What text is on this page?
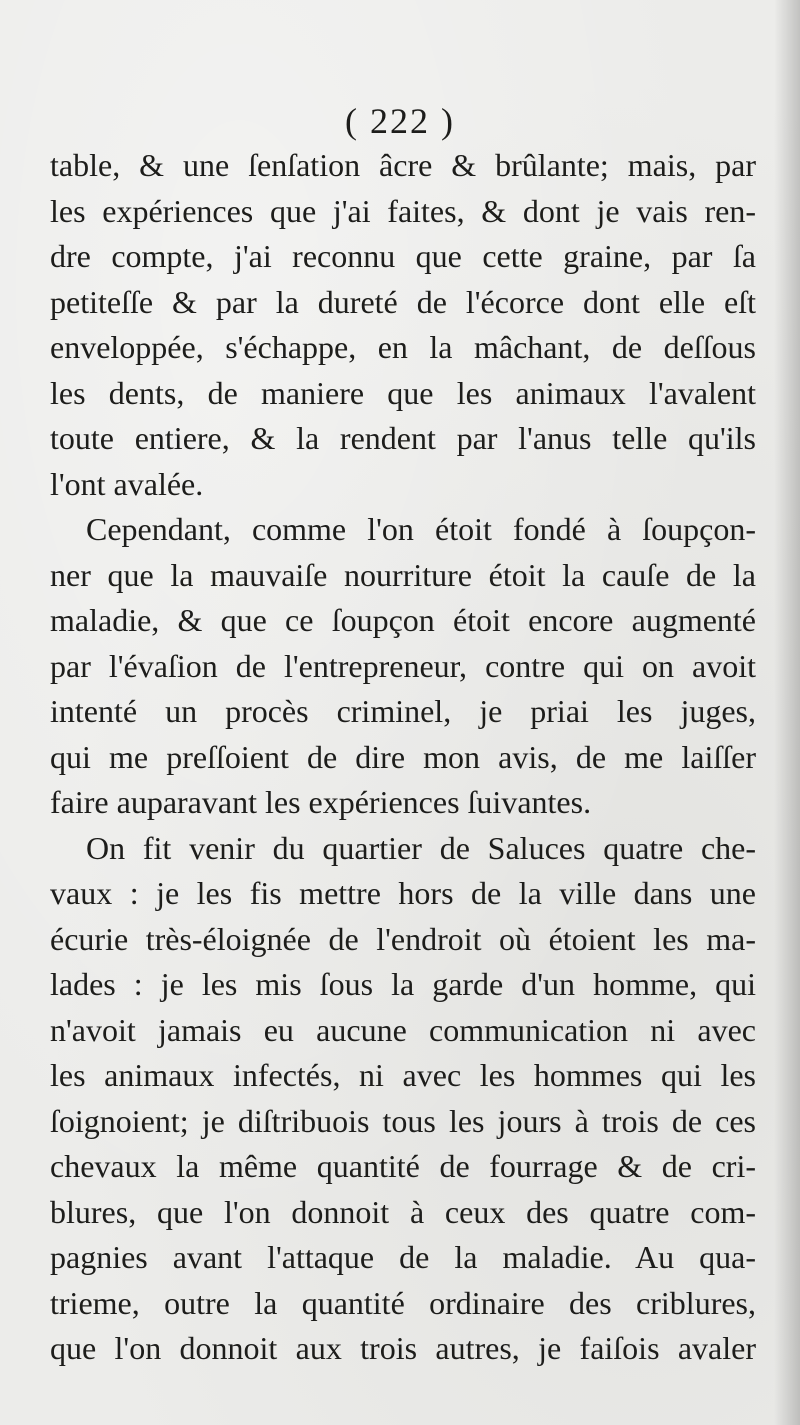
( 222 )
table, & une ſenſation âcre & brûlante; mais, par
les expériences que j'ai faites, & dont je vais ren-
dre compte, j'ai reconnu que cette graine, par ſa
petiteſſe & par la dureté de l'écorce dont elle eſt
enveloppée, s'échappe, en la mâchant, de deſſous
les dents, de maniere que les animaux l'avalent
toute entiere, & la rendent par l'anus telle qu'ils
l'ont avalée.
Cependant, comme l'on étoit fondé à ſoupçon-
ner que la mauvaiſe nourriture étoit la cauſe de la
maladie, & que ce ſoupçon étoit encore augmenté
par l'évaſion de l'entrepreneur, contre qui on avoit
intenté un procès criminel, je priai les juges,
qui me preſſoient de dire mon avis, de me laiſſer
faire auparavant les expériences ſuivantes.
On fit venir du quartier de Saluces quatre che-
vaux : je les fis mettre hors de la ville dans une
écurie très-éloignée de l'endroit où étoient les ma-
lades : je les mis ſous la garde d'un homme, qui
n'avoit jamais eu aucune communication ni avec
les animaux infectés, ni avec les hommes qui les
ſoignoient; je diſtribuois tous les jours à trois de ces
chevaux la même quantité de fourrage & de cri-
blures, que l'on donnoit à ceux des quatre com-
pagnies avant l'attaque de la maladie. Au qua-
trieme, outre la quantité ordinaire des criblures,
que l'on donnoit aux trois autres, je faiſois avaler
